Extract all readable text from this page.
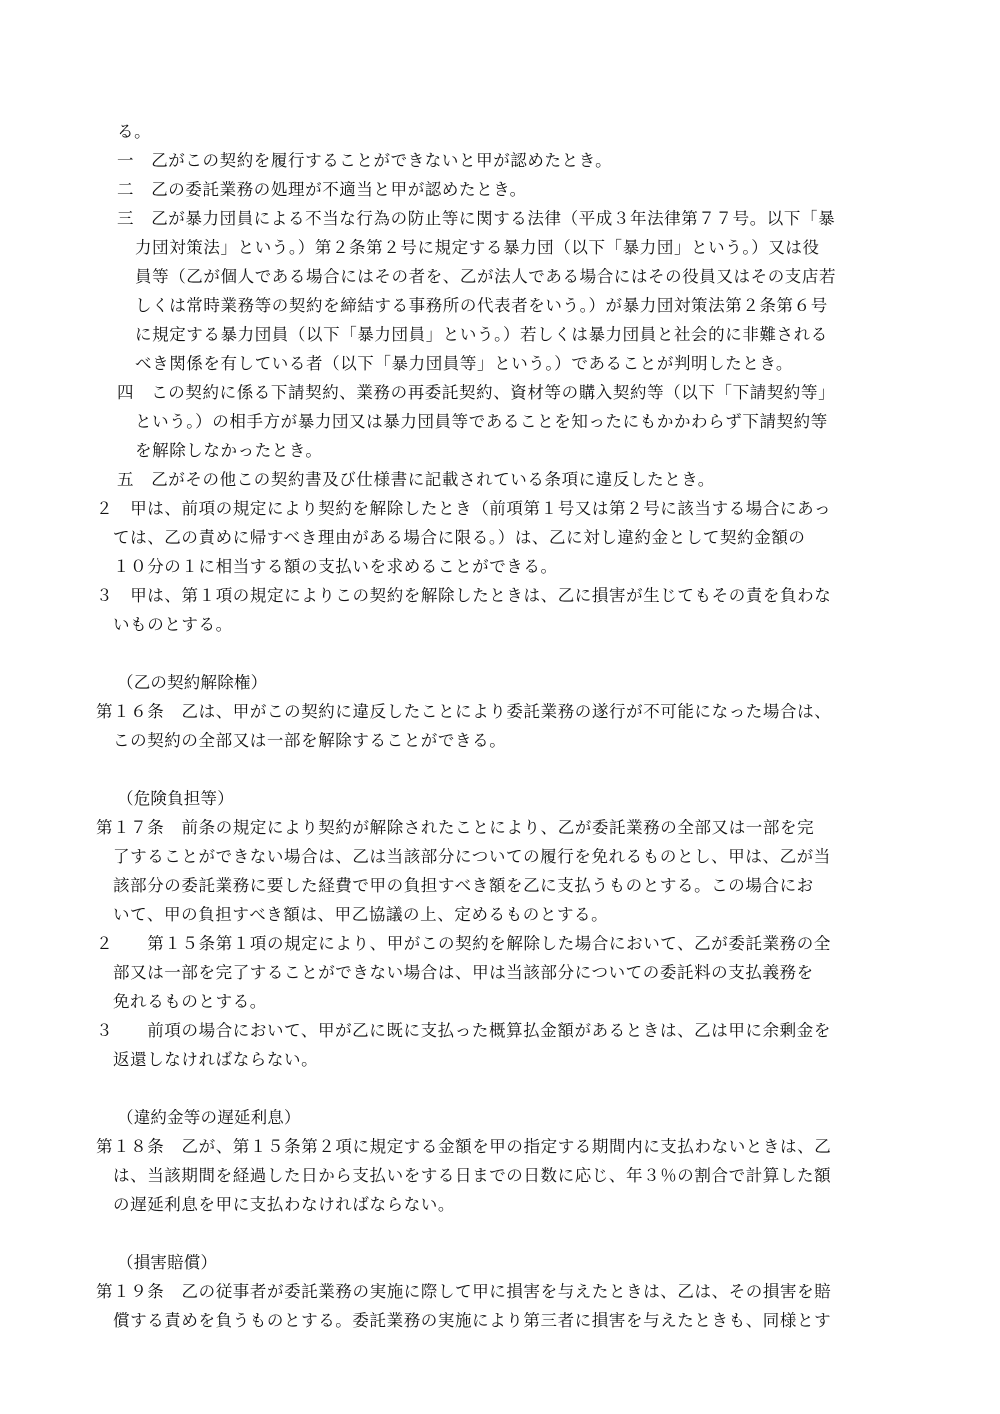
る。
一　乙がこの契約を履行することができないと甲が認めたとき。
二　乙の委託業務の処理が不適当と甲が認めたとき。
三　乙が暴力団員による不当な行為の防止等に関する法律（平成３年法律第７７号。以下「暴
力団対策法」という。）第２条第２号に規定する暴力団（以下「暴力団」という。）又は役
員等（乙が個人である場合にはその者を、乙が法人である場合にはその役員又はその支店若
しくは常時業務等の契約を締結する事務所の代表者をいう。）が暴力団対策法第２条第６号
に規定する暴力団員（以下「暴力団員」という。）若しくは暴力団員と社会的に非難される
べき関係を有している者（以下「暴力団員等」という。）であることが判明したとき。
四　この契約に係る下請契約、業務の再委託契約、資材等の購入契約等（以下「下請契約等」
という。）の相手方が暴力団又は暴力団員等であることを知ったにもかかわらず下請契約等
を解除しなかったとき。
五　乙がその他この契約書及び仕様書に記載されている条項に違反したとき。
２　甲は、前項の規定により契約を解除したとき（前項第１号又は第２号に該当する場合にあっ
ては、乙の責めに帰すべき理由がある場合に限る。）は、乙に対し違約金として契約金額の
１０分の１に相当する額の支払いを求めることができる。
３　甲は、第１項の規定によりこの契約を解除したときは、乙に損害が生じてもその責を負わな
いものとする。
（乙の契約解除権）
第１６条　乙は、甲がこの契約に違反したことにより委託業務の遂行が不可能になった場合は、
この契約の全部又は一部を解除することができる。
（危険負担等）
第１７条　前条の規定により契約が解除されたことにより、乙が委託業務の全部又は一部を完
了することができない場合は、乙は当該部分についての履行を免れるものとし、甲は、乙が当
該部分の委託業務に要した経費で甲の負担すべき額を乙に支払うものとする。この場合にお
いて、甲の負担すべき額は、甲乙協議の上、定めるものとする。
２　　第１５条第１項の規定により、甲がこの契約を解除した場合において、乙が委託業務の全
部又は一部を完了することができない場合は、甲は当該部分についての委託料の支払義務を
免れるものとする。
３　　前項の場合において、甲が乙に既に支払った概算払金額があるときは、乙は甲に余剰金を
返還しなければならない。
（違約金等の遅延利息）
第１８条　乙が、第１５条第２項に規定する金額を甲の指定する期間内に支払わないときは、乙
は、当該期間を経過した日から支払いをする日までの日数に応じ、年３％の割合で計算した額
の遅延利息を甲に支払わなければならない。
（損害賠償）
第１９条　乙の従事者が委託業務の実施に際して甲に損害を与えたときは、乙は、その損害を賠
償する責めを負うものとする。委託業務の実施により第三者に損害を与えたときも、同様とす
